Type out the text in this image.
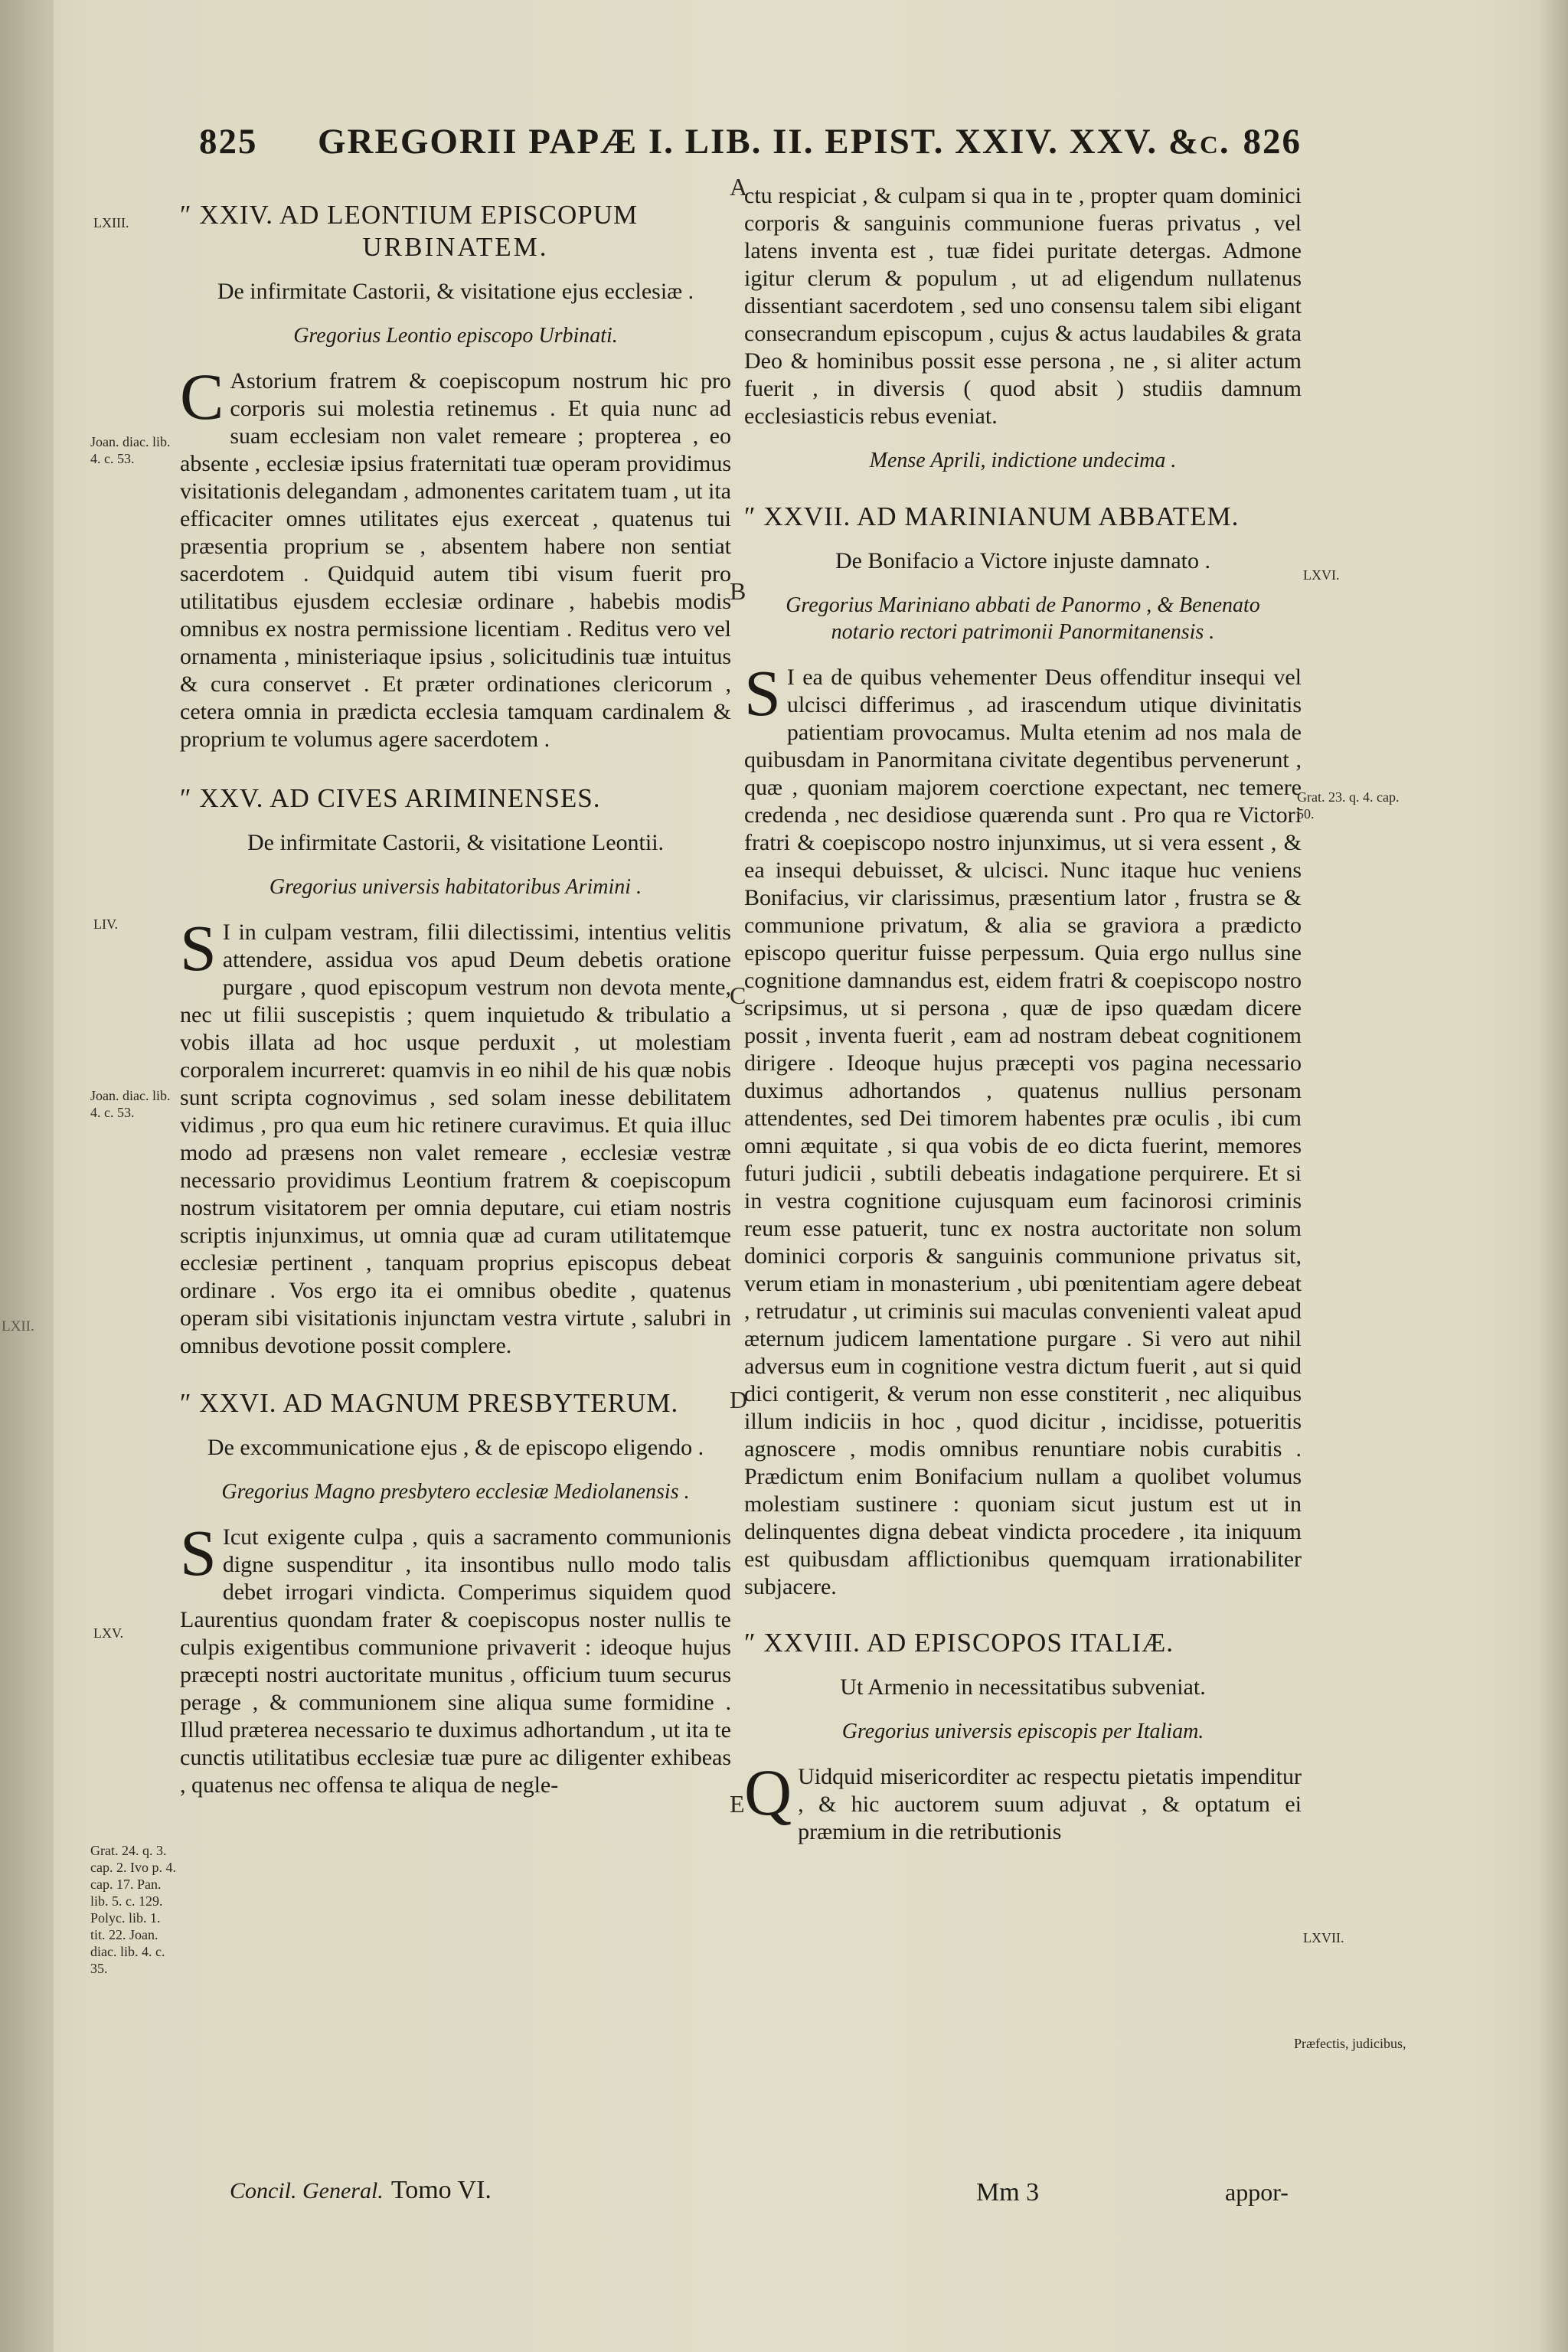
LXII.
825 GREGORII PAPÆ I. LIB. II. EPIST. XXIV. XXV. &c. 826
LXIII.
Joan. diac. lib. 4. c. 53.
LIV.
Joan. diac. lib. 4. c. 53.
LXV.
Grat. 24. q. 3. cap. 2. Ivo p. 4. cap. 17. Pan. lib. 5. c. 129. Polyc. lib. 1. tit. 22. Joan. diac. lib. 4. c. 35.
LXVI.
Grat. 23. q. 4. cap. 50.
LXVII.
Præfectis, judicibus,
A
B
C
D
E

″ XXIV. AD LEONTIUM EPISCOPUM

URBINATEM.

De infirmitate Castorii, & visitatione ejus ecclesiæ .

Gregorius Leontio episcopo Urbinati.

C Astorium fratrem & coepiscopum nostrum hic pro corporis sui molestia retinemus . Et quia nunc ad suam ecclesiam non valet remeare ; propterea , eo absente , ecclesiæ ipsius fraternitati tuæ operam providimus visitationis delegandam , admonentes caritatem tuam , ut ita efficaciter omnes utilitates ejus exerceat , quatenus tui præsentia proprium se , absentem habere non sentiat sacerdotem . Quidquid autem tibi visum fuerit pro utilitatibus ejusdem ecclesiæ ordinare , habebis modis omnibus ex nostra permissione licentiam . Reditus vero vel ornamenta , ministeriaque ipsius , solicitudinis tuæ intuitus & cura conservet . Et præter ordinationes clericorum , cetera omnia in prædicta ecclesia tamquam cardinalem & proprium te volumus agere sacerdotem .

″ XXV. AD CIVES ARIMINENSES.

De infirmitate Castorii, & visitatione Leontii.

Gregorius universis habitatoribus Arimini .

S I in culpam vestram, filii dilectissimi, intentius velitis attendere, assidua vos apud Deum debetis oratione purgare , quod episcopum vestrum non devota mente, nec ut filii suscepistis ; quem inquietudo & tribulatio a vobis illata ad hoc usque perduxit , ut molestiam corporalem incurreret: quamvis in eo nihil de his quæ nobis sunt scripta cognovimus , sed solam inesse debilitatem vidimus , pro qua eum hic retinere curavimus. Et quia illuc modo ad præsens non valet remeare , ecclesiæ vestræ necessario providimus Leontium fratrem & coepiscopum nostrum visitatorem per omnia deputare, cui etiam nostris scriptis injunximus, ut omnia quæ ad curam utilitatemque ecclesiæ pertinent , tanquam proprius episcopus debeat ordinare . Vos ergo ita ei omnibus obedite , quatenus operam sibi visitationis injunctam vestra virtute , salubri in omnibus devotione possit complere.

″ XXVI. AD MAGNUM PRESBYTERUM.

De excommunicatione ejus , & de episcopo eligendo .

Gregorius Magno presbytero ecclesiæ Mediolanensis .

S Icut exigente culpa , quis a sacramento communionis digne suspenditur , ita insontibus nullo modo talis debet irrogari vindicta. Comperimus siquidem quod Laurentius quondam frater & coepiscopus noster nullis te culpis exigentibus communione privaverit : ideoque hujus præcepti nostri auctoritate munitus , officium tuum securus perage , & communionem sine aliqua sume formidine . Illud præterea necessario te duximus adhortandum , ut ita te cunctis utilitatibus ecclesiæ tuæ pure ac diligenter exhibeas , quatenus nec offensa te aliqua de negle-
ctu respiciat , & culpam si qua in te , propter quam dominici corporis & sanguinis communione fueras privatus , vel latens inventa est , tuæ fidei puritate detergas. Admone igitur clerum & populum , ut ad eligendum nullatenus dissentiant sacerdotem , sed uno consensu talem sibi eligant consecrandum episcopum , cujus & actus laudabiles & grata Deo & hominibus possit esse persona , ne , si aliter actum fuerit , in diversis ( quod absit ) studiis damnum ecclesiasticis rebus eveniat.

Mense Aprili, indictione undecima .

″ XXVII. AD MARINIANUM ABBATEM.

De Bonifacio a Victore injuste damnato .

Gregorius Mariniano abbati de Panormo , & Benenato notario rectori patrimonii Panormitanensis .

S I ea de quibus vehementer Deus offenditur insequi vel ulcisci differimus , ad irascendum utique divinitatis patientiam provocamus. Multa etenim ad nos mala de quibusdam in Panormitana civitate degentibus pervenerunt , quæ , quoniam majorem coerctione expectant, nec temere credenda , nec desidiose quærenda sunt . Pro qua re Victori fratri & coepiscopo nostro injunximus, ut si vera essent , & ea insequi debuisset, & ulcisci. Nunc itaque huc veniens Bonifacius, vir clarissimus, præsentium lator , frustra se & communione privatum, & alia se graviora a prædicto episcopo queritur fuisse perpessum. Quia ergo nullus sine cognitione damnandus est, eidem fratri & coepiscopo nostro scripsimus, ut si persona , quæ de ipso quædam dicere possit , inventa fuerit , eam ad nostram debeat cognitionem dirigere . Ideoque hujus præcepti vos pagina necessario duximus adhortandos , quatenus nullius personam attendentes, sed Dei timorem habentes præ oculis , ibi cum omni æquitate , si qua vobis de eo dicta fuerint, memores futuri judicii , subtili debeatis indagatione perquirere. Et si in vestra cognitione cujusquam eum facinorosi criminis reum esse patuerit, tunc ex nostra auctoritate non solum dominici corporis & sanguinis communione privatus sit, verum etiam in monasterium , ubi pœnitentiam agere debeat , retrudatur , ut criminis sui maculas convenienti valeat apud æternum judicem lamentatione purgare . Si vero aut nihil adversus eum in cognitione vestra dictum fuerit , aut si quid dici contigerit, & verum non esse constiterit , nec aliquibus illum indiciis in hoc , quod dicitur , incidisse, potueritis agnoscere , modis omnibus renuntiare nobis curabitis . Prædictum enim Bonifacium nullam a quolibet volumus molestiam sustinere : quoniam sicut justum est ut in delinquentes digna debeat vindicta procedere , ita iniquum est quibusdam afflictionibus quemquam irrationabiliter subjacere.

″ XXVIII. AD EPISCOPOS ITALIÆ.

Ut Armenio in necessitatibus subveniat.

Gregorius universis episcopis per Italiam.

Q Uidquid misericorditer ac respectu pietatis impenditur , & hic auctorem suum adjuvat , & optatum ei præmium in die retributionis
Concil. General. Tomo VI.	Mm 3	appor-
